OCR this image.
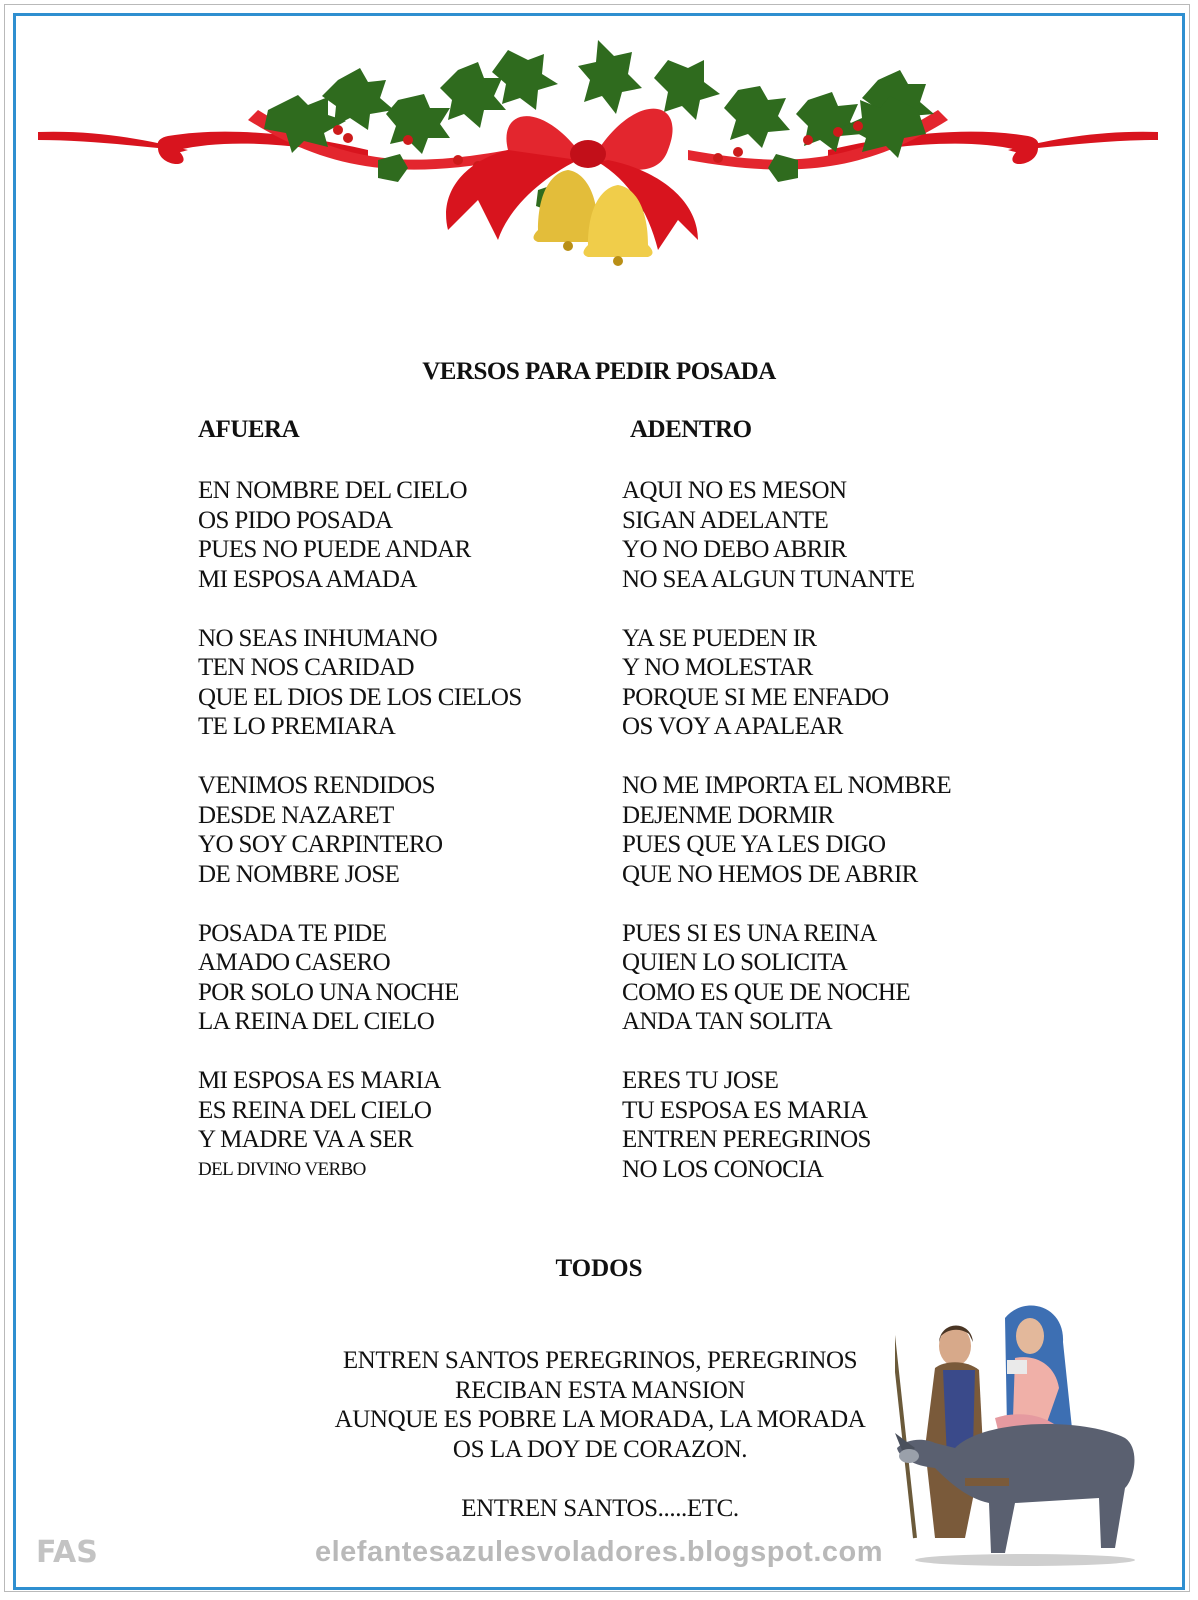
VERSOS PARA PEDIR POSADA
AFUERA	ADENTRO
EN NOMBRE DEL CIELO
OS PIDO POSADA
PUES NO PUEDE ANDAR
MI ESPOSA AMADA
NO SEAS INHUMANO
TEN NOS CARIDAD
QUE EL DIOS DE LOS CIELOS
TE LO PREMIARA
VENIMOS RENDIDOS
DESDE NAZARET
YO SOY CARPINTERO
DE NOMBRE JOSE
POSADA TE PIDE
AMADO CASERO
POR SOLO UNA NOCHE
LA REINA DEL CIELO
MI ESPOSA ES MARIA
ES REINA DEL CIELO
Y MADRE VA A SER
DEL DIVINO VERBO
AQUI NO ES MESON
SIGAN ADELANTE
YO NO DEBO ABRIR
NO SEA ALGUN TUNANTE
YA SE PUEDEN IR
Y NO MOLESTAR
PORQUE SI ME ENFADO
OS VOY A APALEAR
NO ME IMPORTA EL NOMBRE
DEJENME DORMIR
PUES QUE YA LES DIGO
QUE NO HEMOS DE ABRIR
PUES SI ES UNA REINA
QUIEN LO SOLICITA
COMO ES QUE DE NOCHE
ANDA TAN SOLITA
ERES TU JOSE
TU ESPOSA ES MARIA
ENTREN PEREGRINOS
NO LOS CONOCIA
TODOS
ENTREN SANTOS PEREGRINOS, PEREGRINOS
RECIBAN ESTA MANSION
AUNQUE ES POBRE LA MORADA, LA MORADA
OS LA DOY DE CORAZON.
ENTREN SANTOS.....ETC.
elefantesazulesvoladores.blogspot.com
FAS
